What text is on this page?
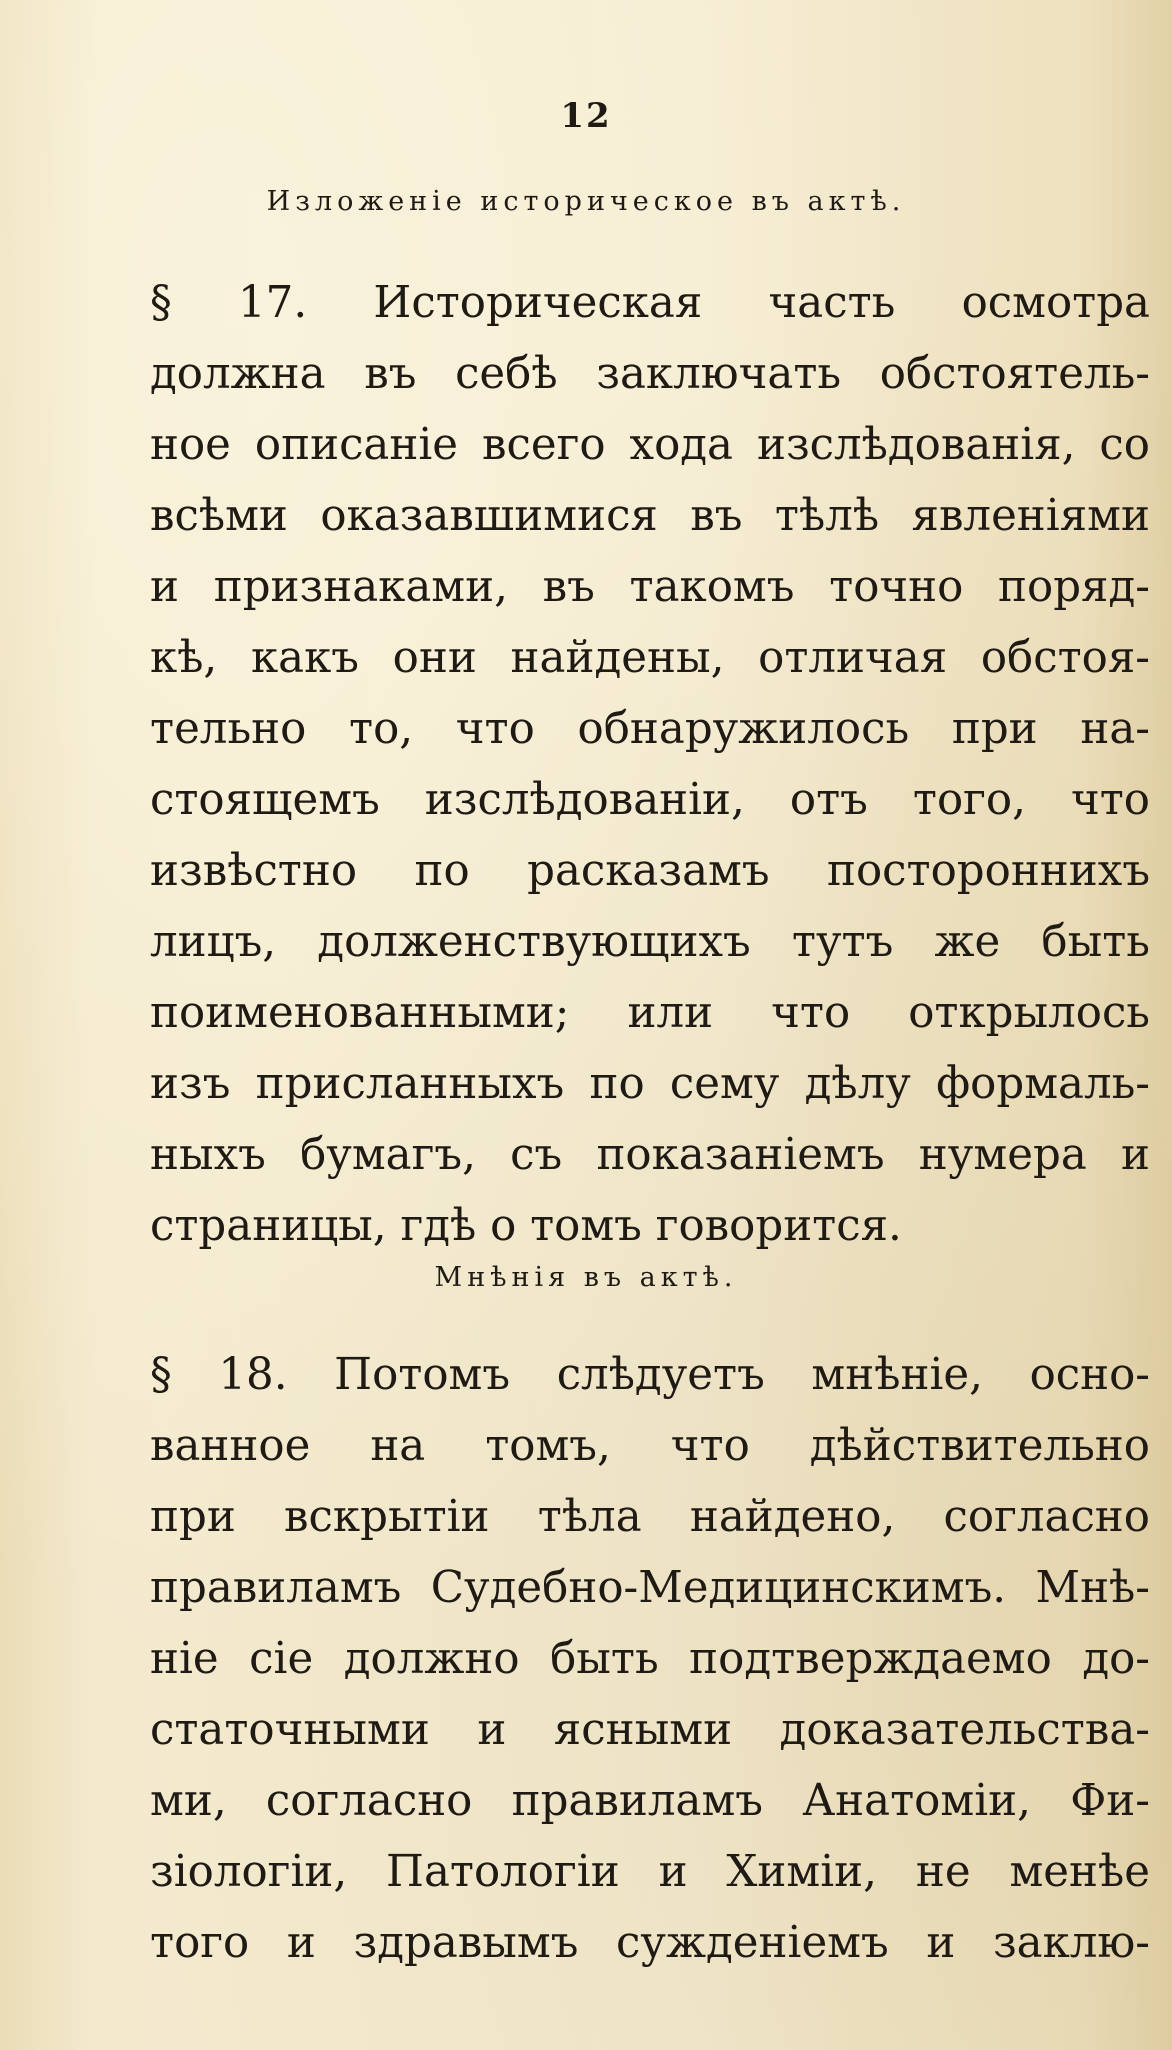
12
Изложеніе историческое въ актѣ.
§ 17. Историческая часть осмотра
должна въ себѣ заключать обстоятель-
ное описаніе всего хода изслѣдованія, со
всѣми оказавшимися въ тѣлѣ явленіями
и признаками, въ такомъ точно поряд-
кѣ, какъ они найдены, отличая обстоя-
тельно то, что обнаружилось при на-
стоящемъ изслѣдованіи, отъ того, что
извѣстно по расказамъ постороннихъ
лицъ, долженствующихъ тутъ же быть
поименованными; или что открылось
изъ присланныхъ по сему дѣлу формаль-
ныхъ бумагъ, съ показаніемъ нумера и
страницы, гдѣ о томъ говорится.
Мнѣнія въ актѣ.
§ 18. Потомъ слѣдуетъ мнѣніе, осно-
ванное на томъ, что дѣйствительно
при вскрытіи тѣла найдено, согласно
правиламъ Судебно-Медицинскимъ. Мнѣ-
ніе сіе должно быть подтверждаемо до-
статочными и ясными доказательства-
ми, согласно правиламъ Анатоміи, Фи-
зіологіи, Патологіи и Химіи, не менѣе
того и здравымъ сужденіемъ и заклю-
